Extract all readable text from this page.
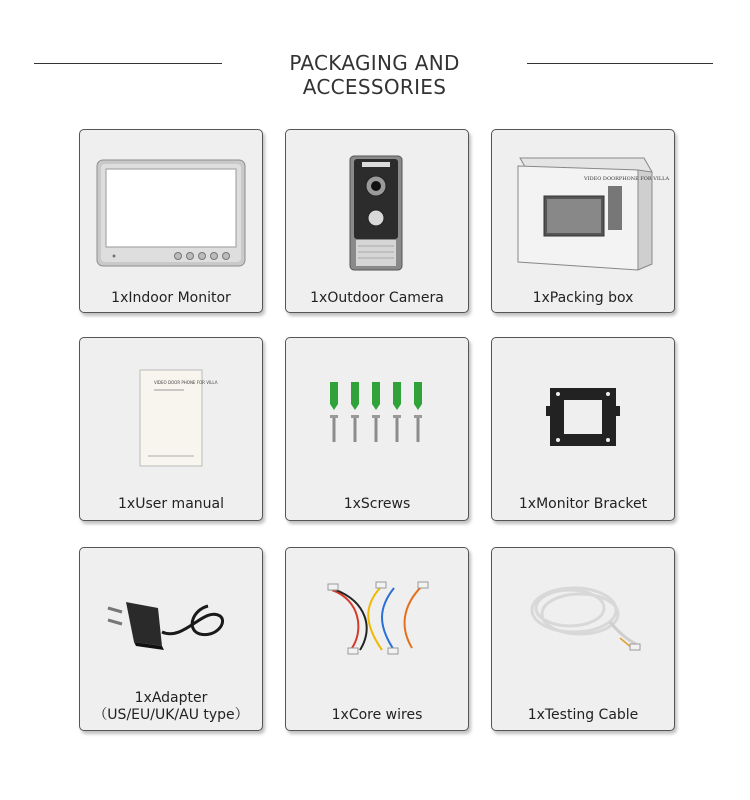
PACKAGING AND ACCESSORIES
1xIndoor Monitor	1xOutdoor Camera
VIDEO DOORPHONE FOR VILLA
1xPacking box
VIDEO DOOR PHONE FOR VILLA
1xUser manual	1xScrews	1xMonitor Bracket
1xAdapter
（US/EU/UK/AU type）	1xCore wires	1xTesting Cable
